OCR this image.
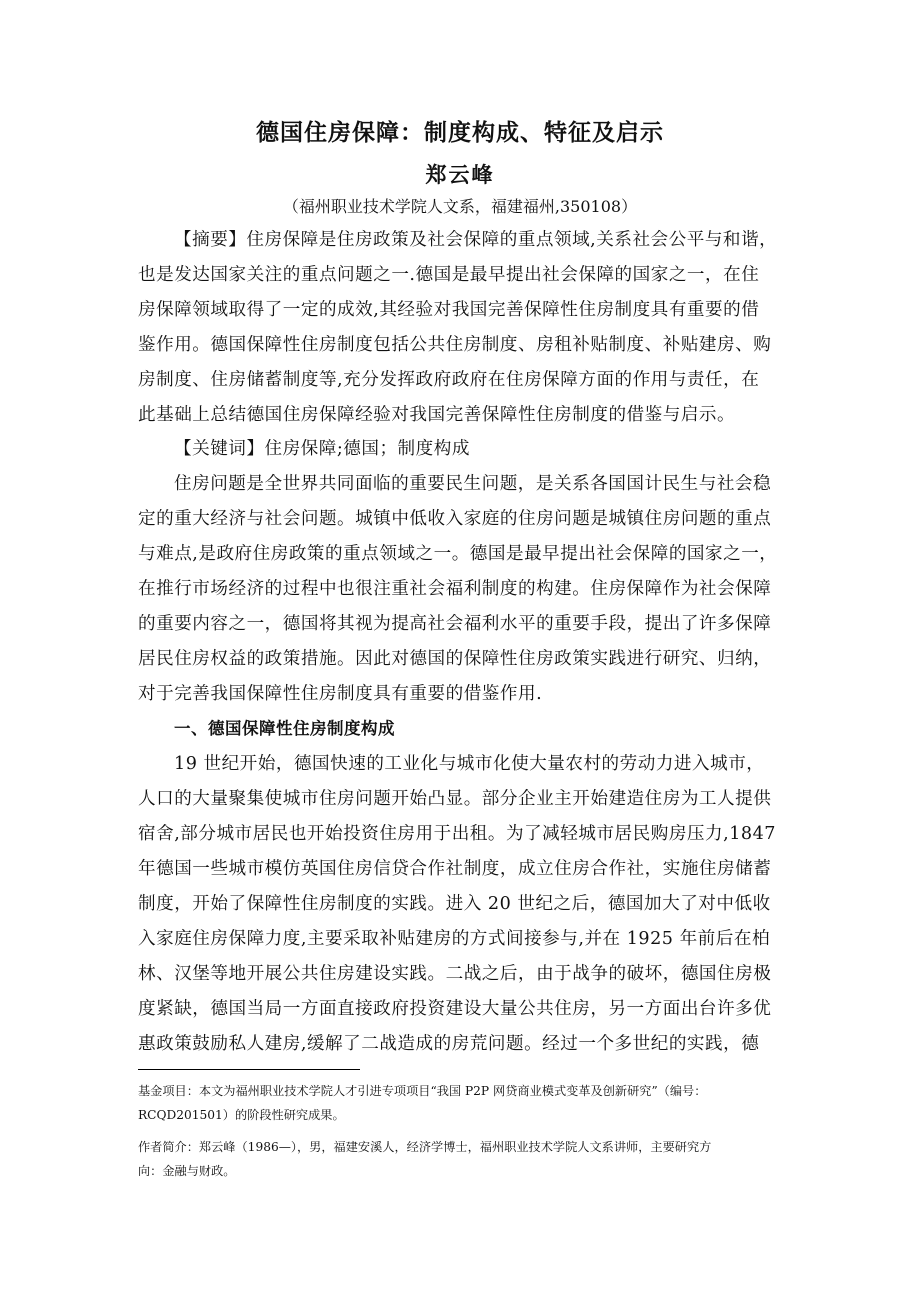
德国住房保障：制度构成、特征及启示
郑云峰
（福州职业技术学院人文系，福建福州,350108）
【摘要】住房保障是住房政策及社会保障的重点领域,关系社会公平与和谐，
也是发达国家关注的重点问题之一.德国是最早提出社会保障的国家之一，在住
房保障领域取得了一定的成效,其经验对我国完善保障性住房制度具有重要的借
鉴作用。德国保障性住房制度包括公共住房制度、房租补贴制度、补贴建房、购
房制度、住房储蓄制度等,充分发挥政府政府在住房保障方面的作用与责任，在
此基础上总结德国住房保障经验对我国完善保障性住房制度的借鉴与启示。
【关键词】住房保障;德国；制度构成
住房问题是全世界共同面临的重要民生问题，是关系各国国计民生与社会稳
定的重大经济与社会问题。城镇中低收入家庭的住房问题是城镇住房问题的重点
与难点,是政府住房政策的重点领域之一。德国是最早提出社会保障的国家之一，
在推行市场经济的过程中也很注重社会福利制度的构建。住房保障作为社会保障
的重要内容之一，德国将其视为提高社会福利水平的重要手段，提出了许多保障
居民住房权益的政策措施。因此对德国的保障性住房政策实践进行研究、归纳，
对于完善我国保障性住房制度具有重要的借鉴作用.
一、德国保障性住房制度构成
19 世纪开始，德国快速的工业化与城市化使大量农村的劳动力进入城市，
人口的大量聚集使城市住房问题开始凸显。部分企业主开始建造住房为工人提供
宿舍,部分城市居民也开始投资住房用于出租。为了减轻城市居民购房压力,1847
年德国一些城市模仿英国住房信贷合作社制度，成立住房合作社，实施住房储蓄
制度，开始了保障性住房制度的实践。进入 20 世纪之后，德国加大了对中低收
入家庭住房保障力度,主要采取补贴建房的方式间接参与,并在 1925 年前后在柏
林、汉堡等地开展公共住房建设实践。二战之后，由于战争的破坏，德国住房极
度紧缺，德国当局一方面直接政府投资建设大量公共住房，另一方面出台许多优
惠政策鼓励私人建房,缓解了二战造成的房荒问题。经过一个多世纪的实践，德
基金项目：本文为福州职业技术学院人才引进专项项目“我国 P2P 网贷商业模式变革及创新研究”（编号：
RCQD201501）的阶段性研究成果。
作者简介：郑云峰（1986—），男，福建安溪人，经济学博士，福州职业技术学院人文系讲师，主要研究方
向：金融与财政。
